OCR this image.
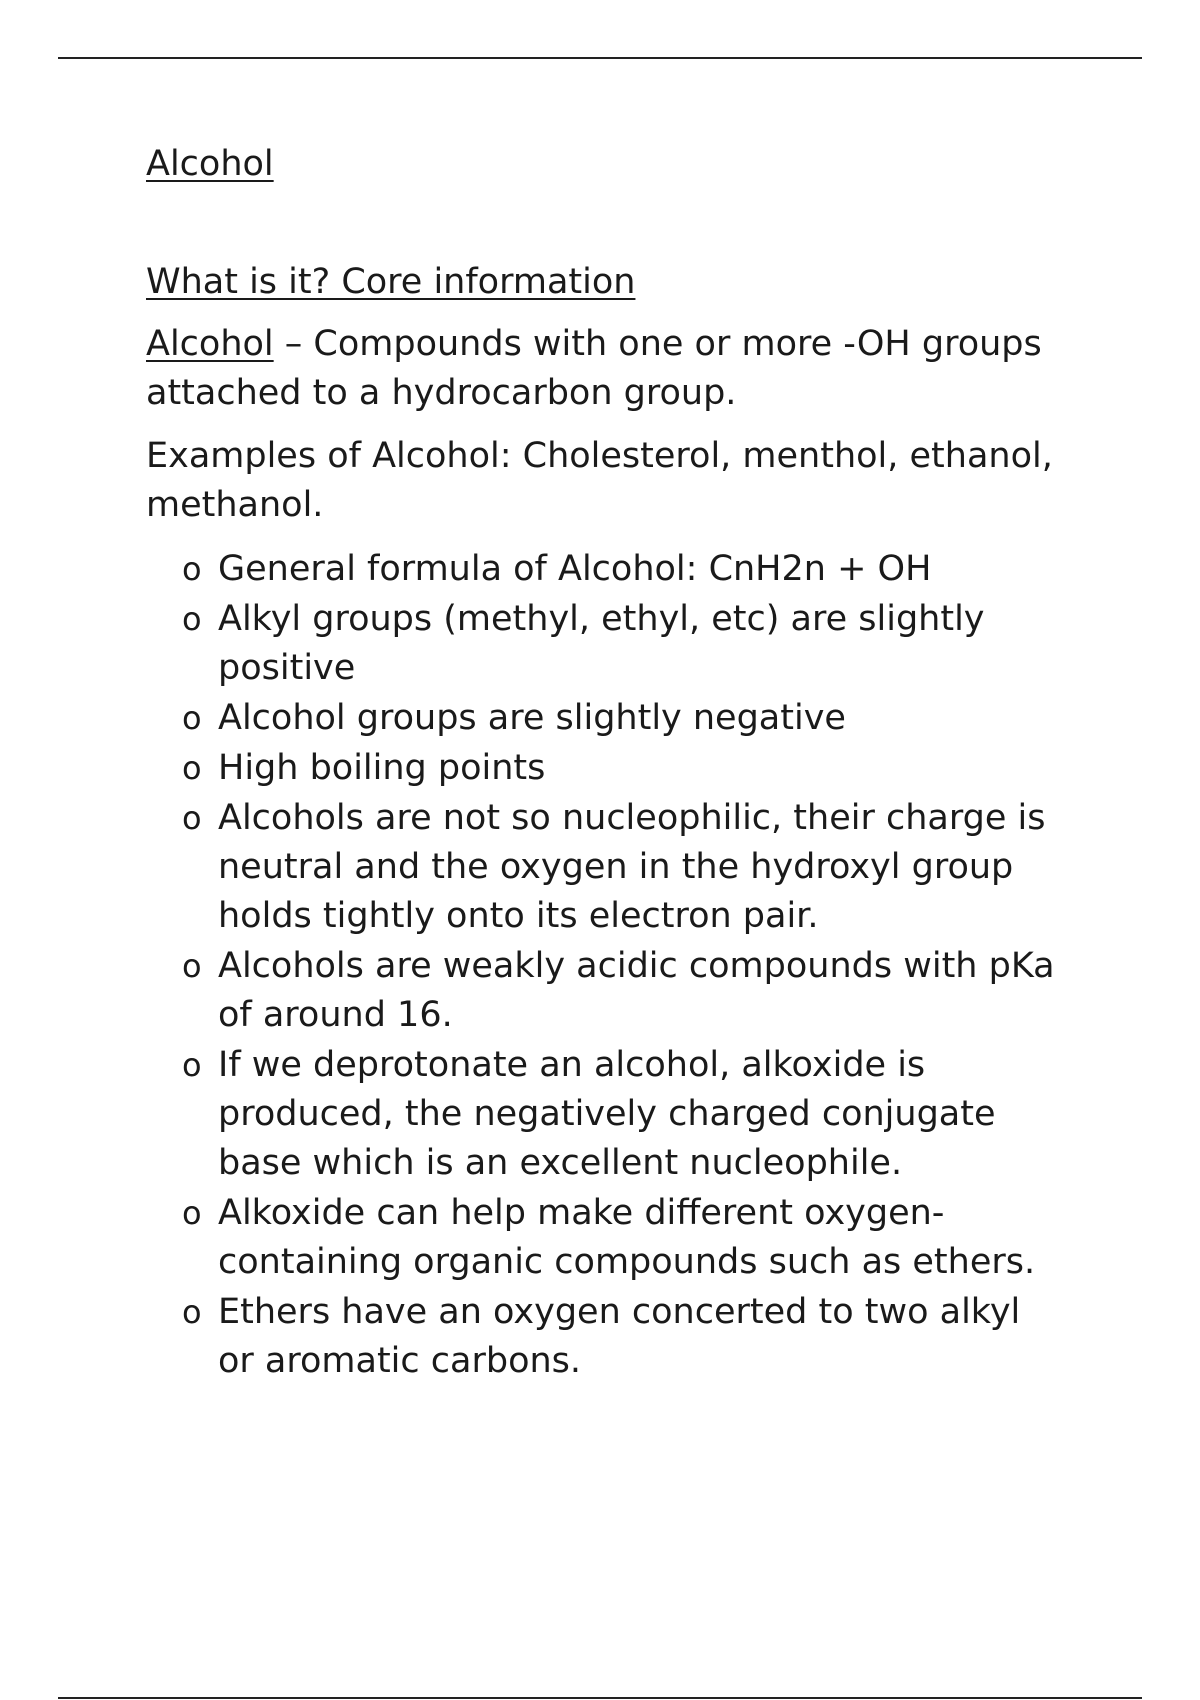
Alcohol

What is it? Core information

Alcohol – Compounds with one or more -OH groups attached to a hydrocarbon group.

Examples of Alcohol: Cholesterol, menthol, ethanol, methanol.

o General formula of Alcohol: CnH2n + OH
o Alkyl groups (methyl, ethyl, etc) are slightly positive
o Alcohol groups are slightly negative
o High boiling points
o Alcohols are not so nucleophilic, their charge is neutral and the oxygen in the hydroxyl group holds tightly onto its electron pair.
o Alcohols are weakly acidic compounds with pKa of around 16.
o If we deprotonate an alcohol, alkoxide is produced, the negatively charged conjugate base which is an excellent nucleophile.
o Alkoxide can help make different oxygen-containing organic compounds such as ethers.
o Ethers have an oxygen concerted to two alkyl or aromatic carbons.
